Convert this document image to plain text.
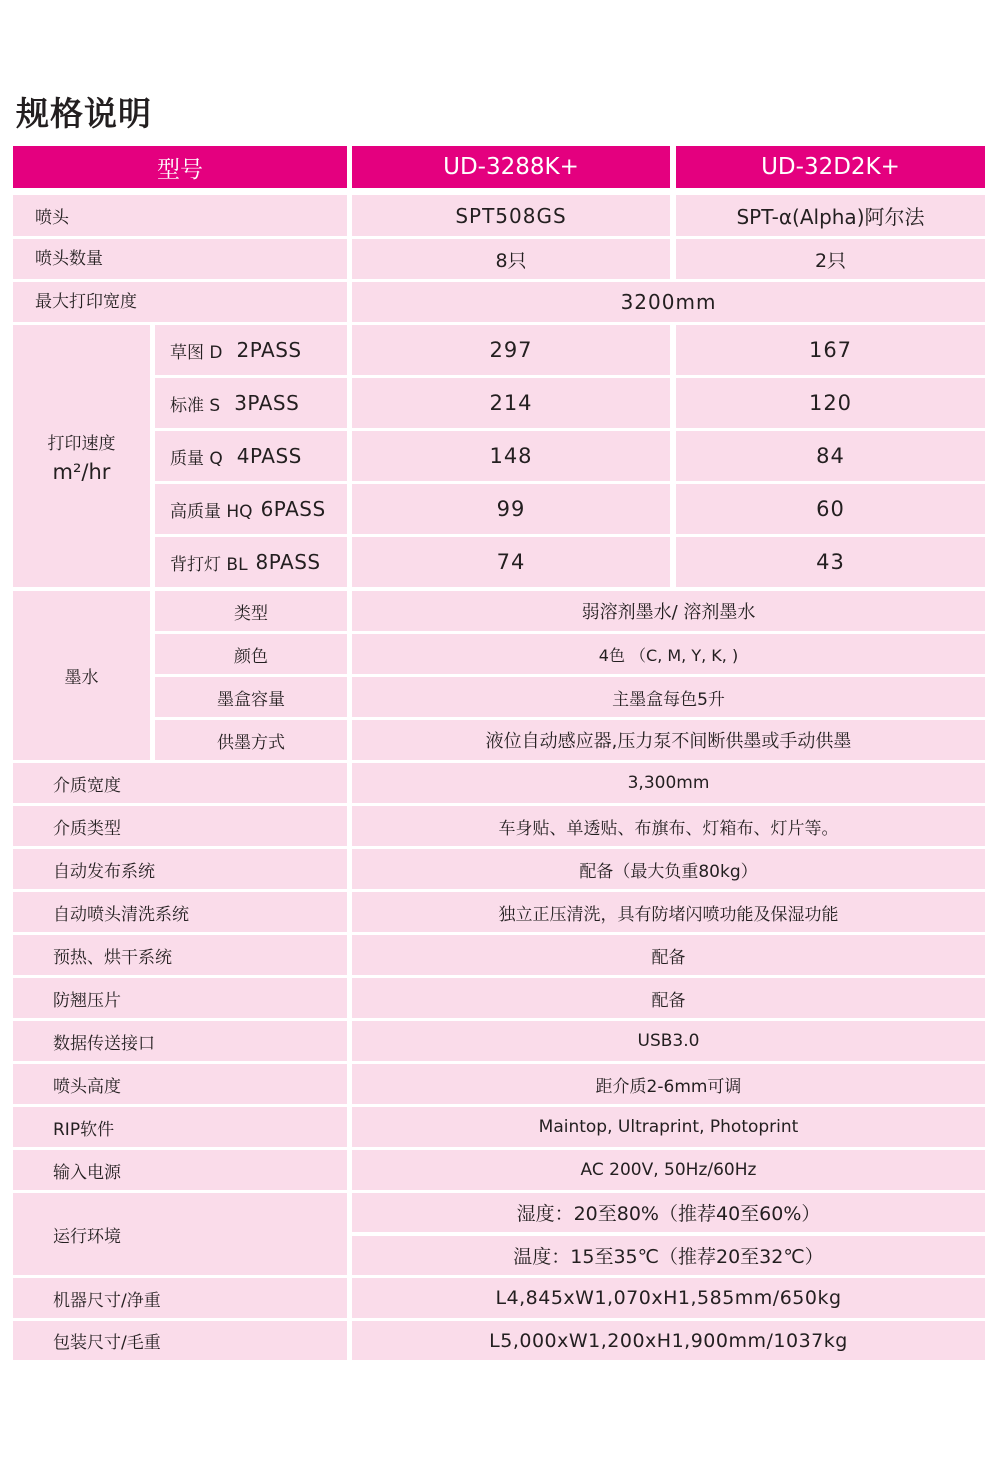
规格说明
型号	UD-3288K+	UD-32D2K+
喷头	SPT508GS	SPT-α(Alpha)阿尔法
喷头数量	8只	2只
最大打印宽度	3200mm
打印速度
m²/hr
草图 D 2PASS	297	167
标准 S 3PASS	214	120
质量 Q 4PASS	148	84
高质量 HQ 6PASS	99	60
背打灯 BL 8PASS	74	43
墨水
类型	弱溶剂墨水/ 溶剂墨水
颜色	4色 （C, M, Y, K, )
墨盒容量	主墨盒每色5升
供墨方式	液位自动感应器,压力泵不间断供墨或手动供墨
介质宽度	3,300mm
介质类型	车身贴、单透贴、布旗布、灯箱布、灯片等。
自动发布系统	配备（最大负重80kg）
自动喷头清洗系统	独立正压清洗，具有防堵闪喷功能及保湿功能
预热、烘干系统	配备
防翘压片	配备
数据传送接口	USB3.0
喷头高度	距介质2-6mm可调
RIP软件	Maintop, Ultraprint, Photoprint
输入电源	AC 200V, 50Hz/60Hz
运行环境
湿度：20至80%（推荐40至60%）
温度：15至35℃（推荐20至32℃）
机器尺寸/净重	L4,845xW1,070xH1,585mm/650kg
包装尺寸/毛重	L5,000xW1,200xH1,900mm/1037kg
